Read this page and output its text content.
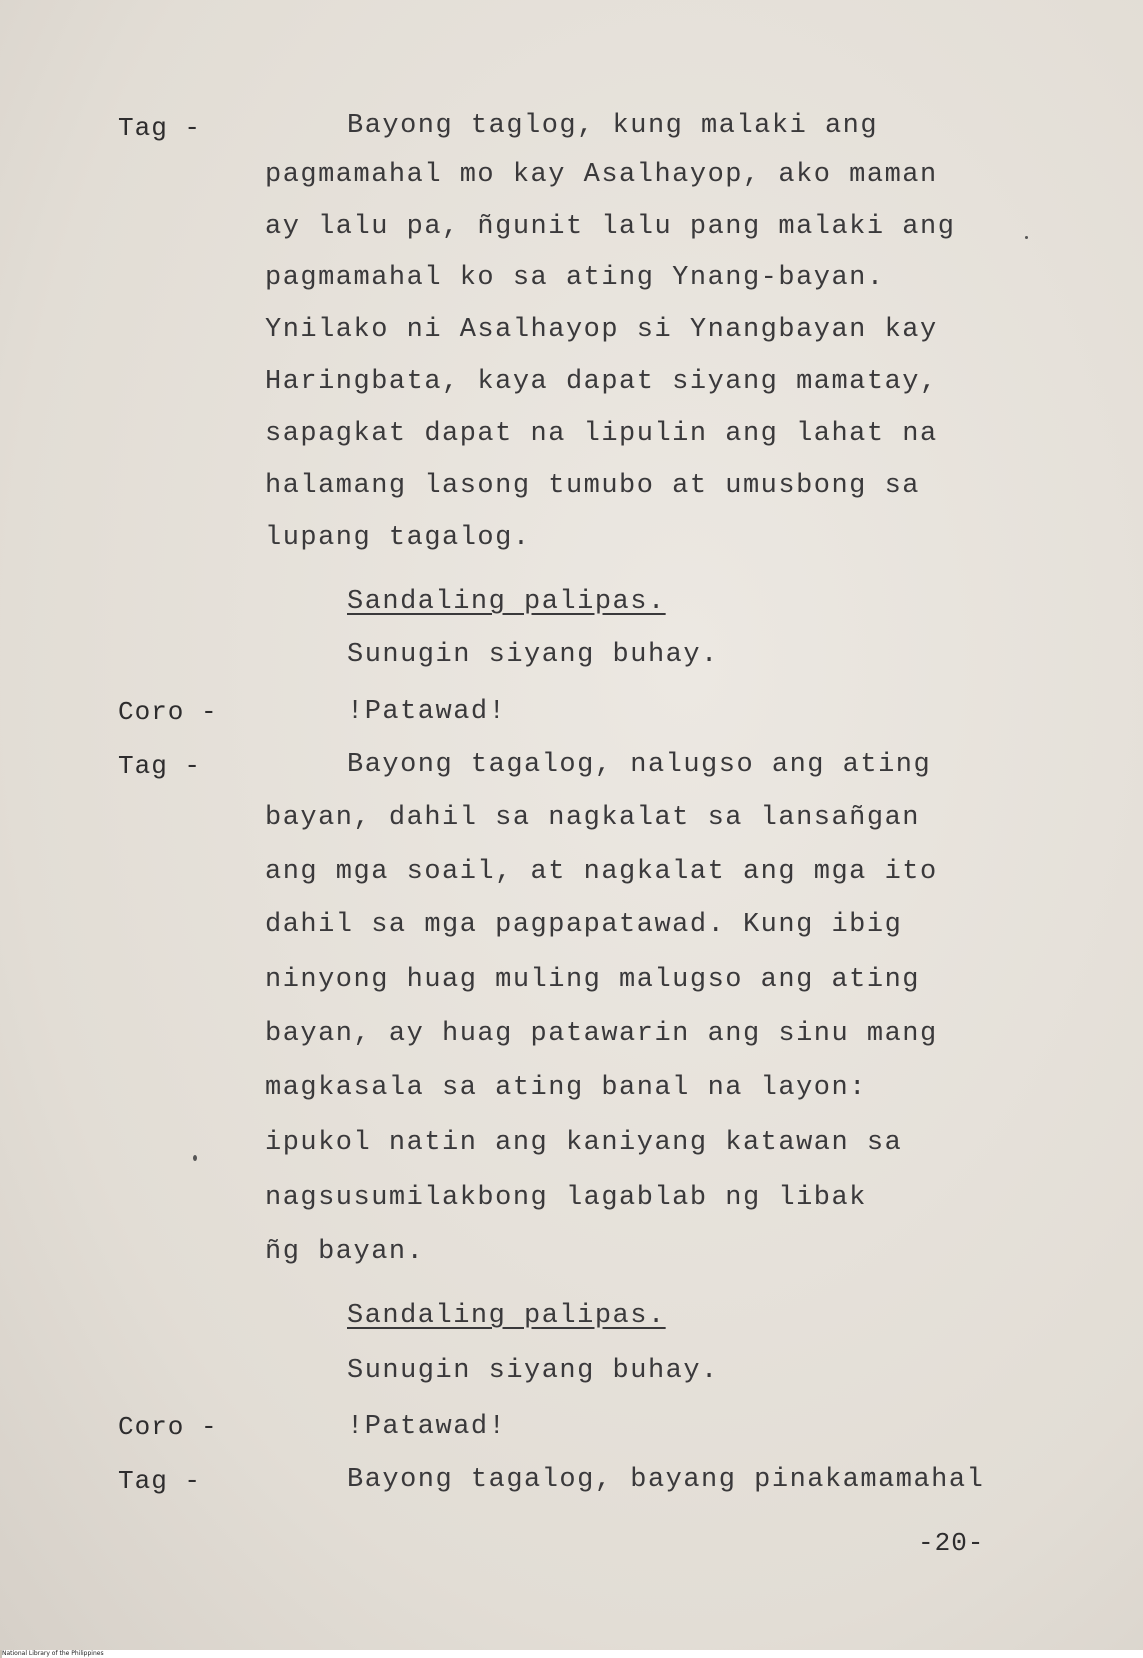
Tag -	Bayong taglog, kung malaki ang
pagmamahal mo kay Asalhayop, ako maman
ay lalu pa, ñgunit lalu pang malaki ang
pagmamahal ko sa ating Ynang-bayan.
Ynilako ni Asalhayop si Ynangbayan kay
Haringbata, kaya dapat siyang mamatay,
sapagkat dapat na lipulin ang lahat na
halamang lasong tumubo at umusbong sa
lupang tagalog.
Sandaling palipas.
Sunugin siyang buhay.
Coro -	!Patawad!
Tag -	Bayong tagalog, nalugso ang ating
bayan, dahil sa nagkalat sa lansañgan
ang mga soail, at nagkalat ang mga ito
dahil sa mga pagpapatawad. Kung ibig
ninyong huag muling malugso ang ating
bayan, ay huag patawarin ang sinu mang
magkasala sa ating banal na layon:
ipukol natin ang kaniyang katawan sa
nagsusumilakbong lagablab ng libak
ñg bayan.
Sandaling palipas.
Sunugin siyang buhay.
Coro -	!Patawad!
Tag -	Bayong tagalog, bayang pinakamamahal
-20-
National Library of the Philippines
